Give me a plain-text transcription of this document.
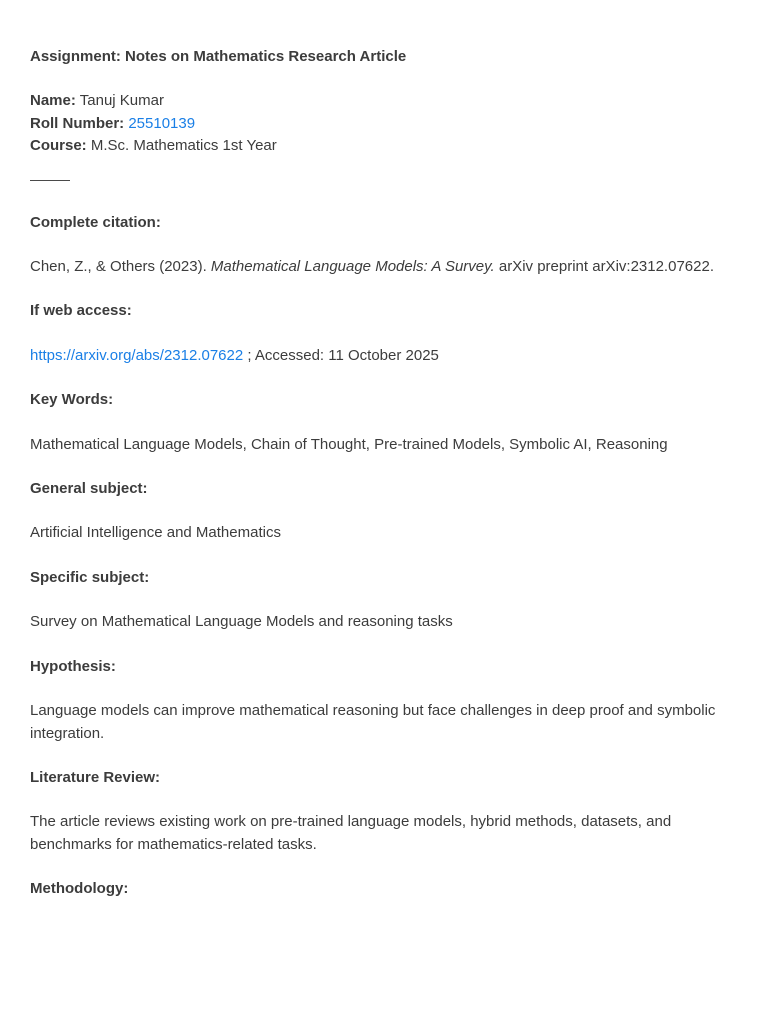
Assignment: Notes on Mathematics Research Article

Name: Tanuj Kumar

Roll Number: 25510139

Course: M.Sc. Mathematics 1st Year

Complete citation:

Chen, Z., & Others (2023). Mathematical Language Models: A Survey. arXiv preprint arXiv:2312.07622.

If web access:

https://arxiv.org/abs/2312.07622 ; Accessed: 11 October 2025

Key Words:

Mathematical Language Models, Chain of Thought, Pre-trained Models, Symbolic AI, Reasoning

General subject:

Artificial Intelligence and Mathematics

Specific subject:

Survey on Mathematical Language Models and reasoning tasks

Hypothesis:

Language models can improve mathematical reasoning but face challenges in deep proof and symbolic integration.

Literature Review:

The article reviews existing work on pre-trained language models, hybrid methods, datasets, and benchmarks for mathematics-related tasks.

Methodology:
